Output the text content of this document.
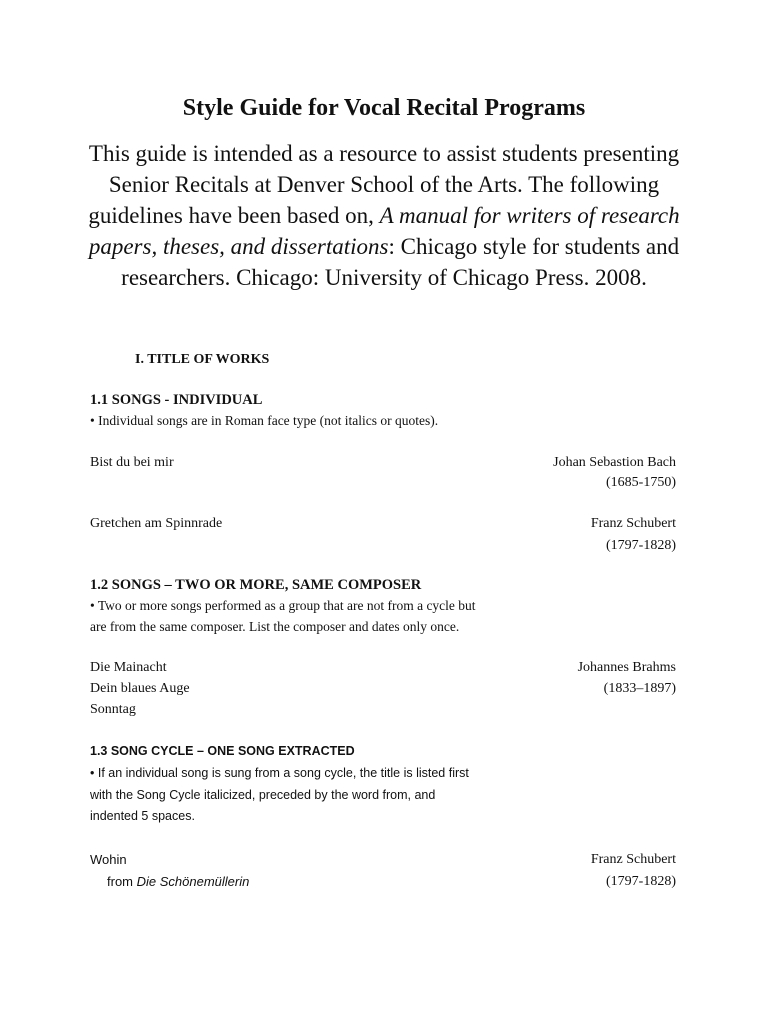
Style Guide for Vocal Recital Programs
This guide is intended as a resource to assist students presenting Senior Recitals at Denver School of the Arts. The following guidelines have been based on, A manual for writers of research papers, theses, and dissertations: Chicago style for students and researchers. Chicago: University of Chicago Press. 2008.
I. TITLE OF WORKS
1.1 SONGS - INDIVIDUAL
• Individual songs are in Roman face type (not italics or quotes).
Bist du bei mir	Johan Sebastion Bach
(1685-1750)
Gretchen am Spinnrade	Franz Schubert
(1797-1828)
1.2 SONGS – TWO OR MORE, SAME COMPOSER
• Two or more songs performed as a group that are not from a cycle but
are from the same composer. List the composer and dates only once.
Die Mainacht
Dein blaues Auge
Sonntag
Johannes Brahms
(1833–1897)
1.3 SONG CYCLE – ONE SONG EXTRACTED
• If an individual song is sung from a song cycle, the title is listed first
with the Song Cycle italicized, preceded by the word from, and
indented 5 spaces.
Wohin
from Die Schönemüllerin
Franz Schubert
(1797-1828)
